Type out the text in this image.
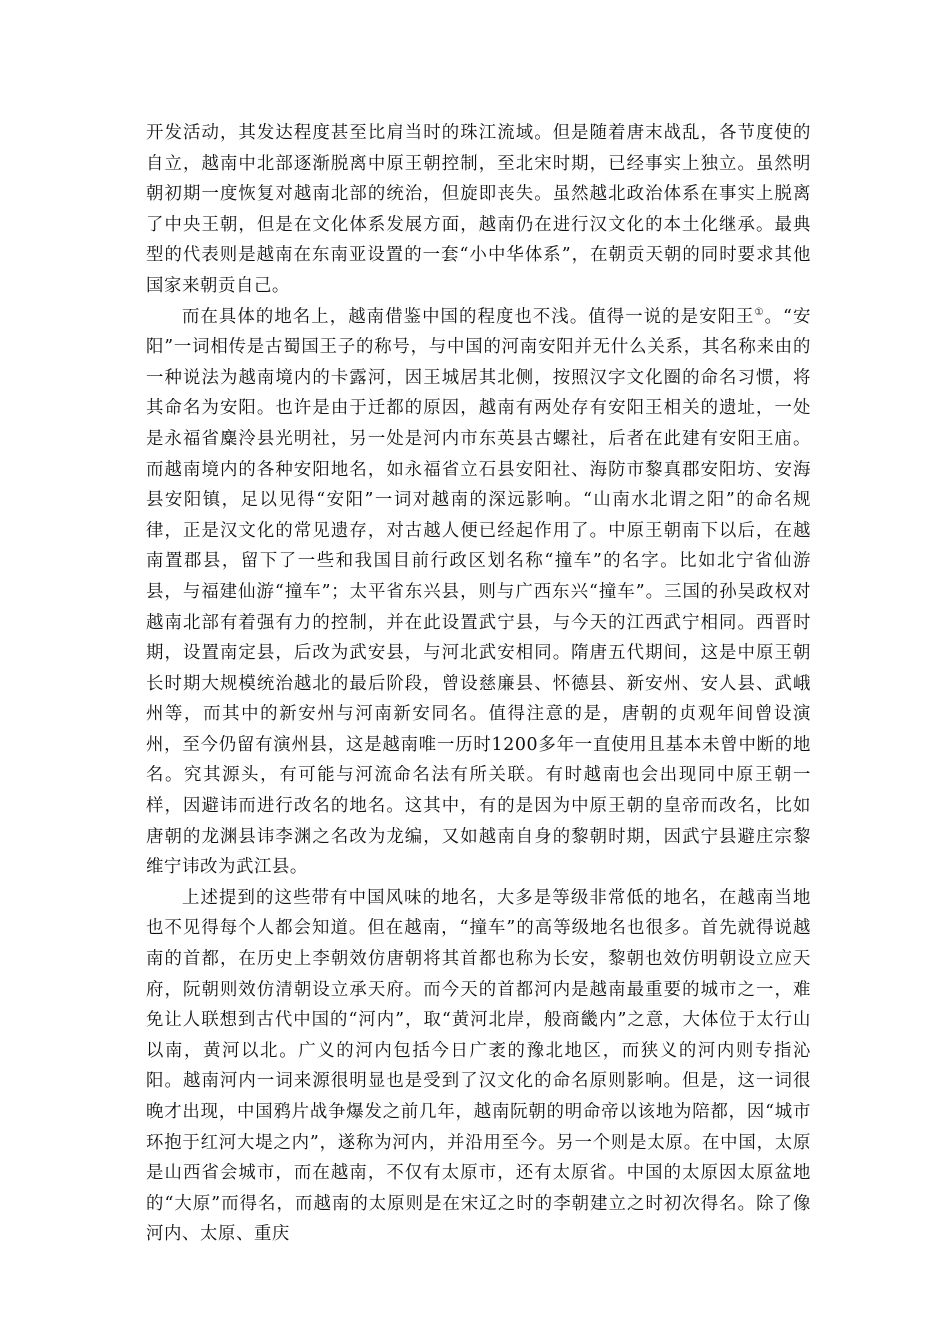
开发活动，其发达程度甚至比肩当时的珠江流域。但是随着唐末战乱，各节度使的自立，越南中北部逐渐脱离中原王朝控制，至北宋时期，已经事实上独立。虽然明朝初期一度恢复对越南北部的统治，但旋即丧失。虽然越北政治体系在事实上脱离了中央王朝，但是在文化体系发展方面，越南仍在进行汉文化的本土化继承。最典型的代表则是越南在东南亚设置的一套“小中华体系”，在朝贡天朝的同时要求其他国家来朝贡自己。

而在具体的地名上，越南借鉴中国的程度也不浅。值得一说的是安阳王①。“安阳”一词相传是古蜀国王子的称号，与中国的河南安阳并无什么关系，其名称来由的一种说法为越南境内的卡露河，因王城居其北侧，按照汉字文化圈的命名习惯，将其命名为安阳。也许是由于迁都的原因，越南有两处存有安阳王相关的遗址，一处是永福省麋泠县光明社，另一处是河内市东英县古螺社，后者在此建有安阳王庙。而越南境内的各种安阳地名，如永福省立石县安阳社、海防市黎真郡安阳坊、安海县安阳镇，足以见得“安阳”一词对越南的深远影响。“山南水北谓之阳”的命名规律，正是汉文化的常见遗存，对古越人便已经起作用了。中原王朝南下以后，在越南置郡县，留下了一些和我国目前行政区划名称“撞车”的名字。比如北宁省仙游县，与福建仙游“撞车”；太平省东兴县，则与广西东兴“撞车”。三国的孙吴政权对越南北部有着强有力的控制，并在此设置武宁县，与今天的江西武宁相同。西晋时期，设置南定县，后改为武安县，与河北武安相同。隋唐五代期间，这是中原王朝长时期大规模统治越北的最后阶段，曾设慈廉县、怀德县、新安州、安人县、武峨州等，而其中的新安州与河南新安同名。值得注意的是，唐朝的贞观年间曾设演州，至今仍留有演州县，这是越南唯一历时1200多年一直使用且基本未曾中断的地名。究其源头，有可能与河流命名法有所关联。有时越南也会出现同中原王朝一样，因避讳而进行改名的地名。这其中，有的是因为中原王朝的皇帝而改名，比如唐朝的龙渊县讳李渊之名改为龙编，又如越南自身的黎朝时期，因武宁县避庄宗黎维宁讳改为武江县。

上述提到的这些带有中国风味的地名，大多是等级非常低的地名，在越南当地也不见得每个人都会知道。但在越南，“撞车”的高等级地名也很多。首先就得说越南的首都，在历史上李朝效仿唐朝将其首都也称为长安，黎朝也效仿明朝设立应天府，阮朝则效仿清朝设立承天府。而今天的首都河内是越南最重要的城市之一，难免让人联想到古代中国的“河内”，取“黄河北岸，般商畿内”之意，大体位于太行山以南，黄河以北。广义的河内包括今日广袤的豫北地区，而狭义的河内则专指沁阳。越南河内一词来源很明显也是受到了汉文化的命名原则影响。但是，这一词很晚才出现，中国鸦片战争爆发之前几年，越南阮朝的明命帝以该地为陪都，因“城市环抱于红河大堤之内”，遂称为河内，并沿用至今。另一个则是太原。在中国，太原是山西省会城市，而在越南，不仅有太原市，还有太原省。中国的太原因太原盆地的“大原”而得名，而越南的太原则是在宋辽之时的李朝建立之时初次得名。除了像河内、太原、重庆
